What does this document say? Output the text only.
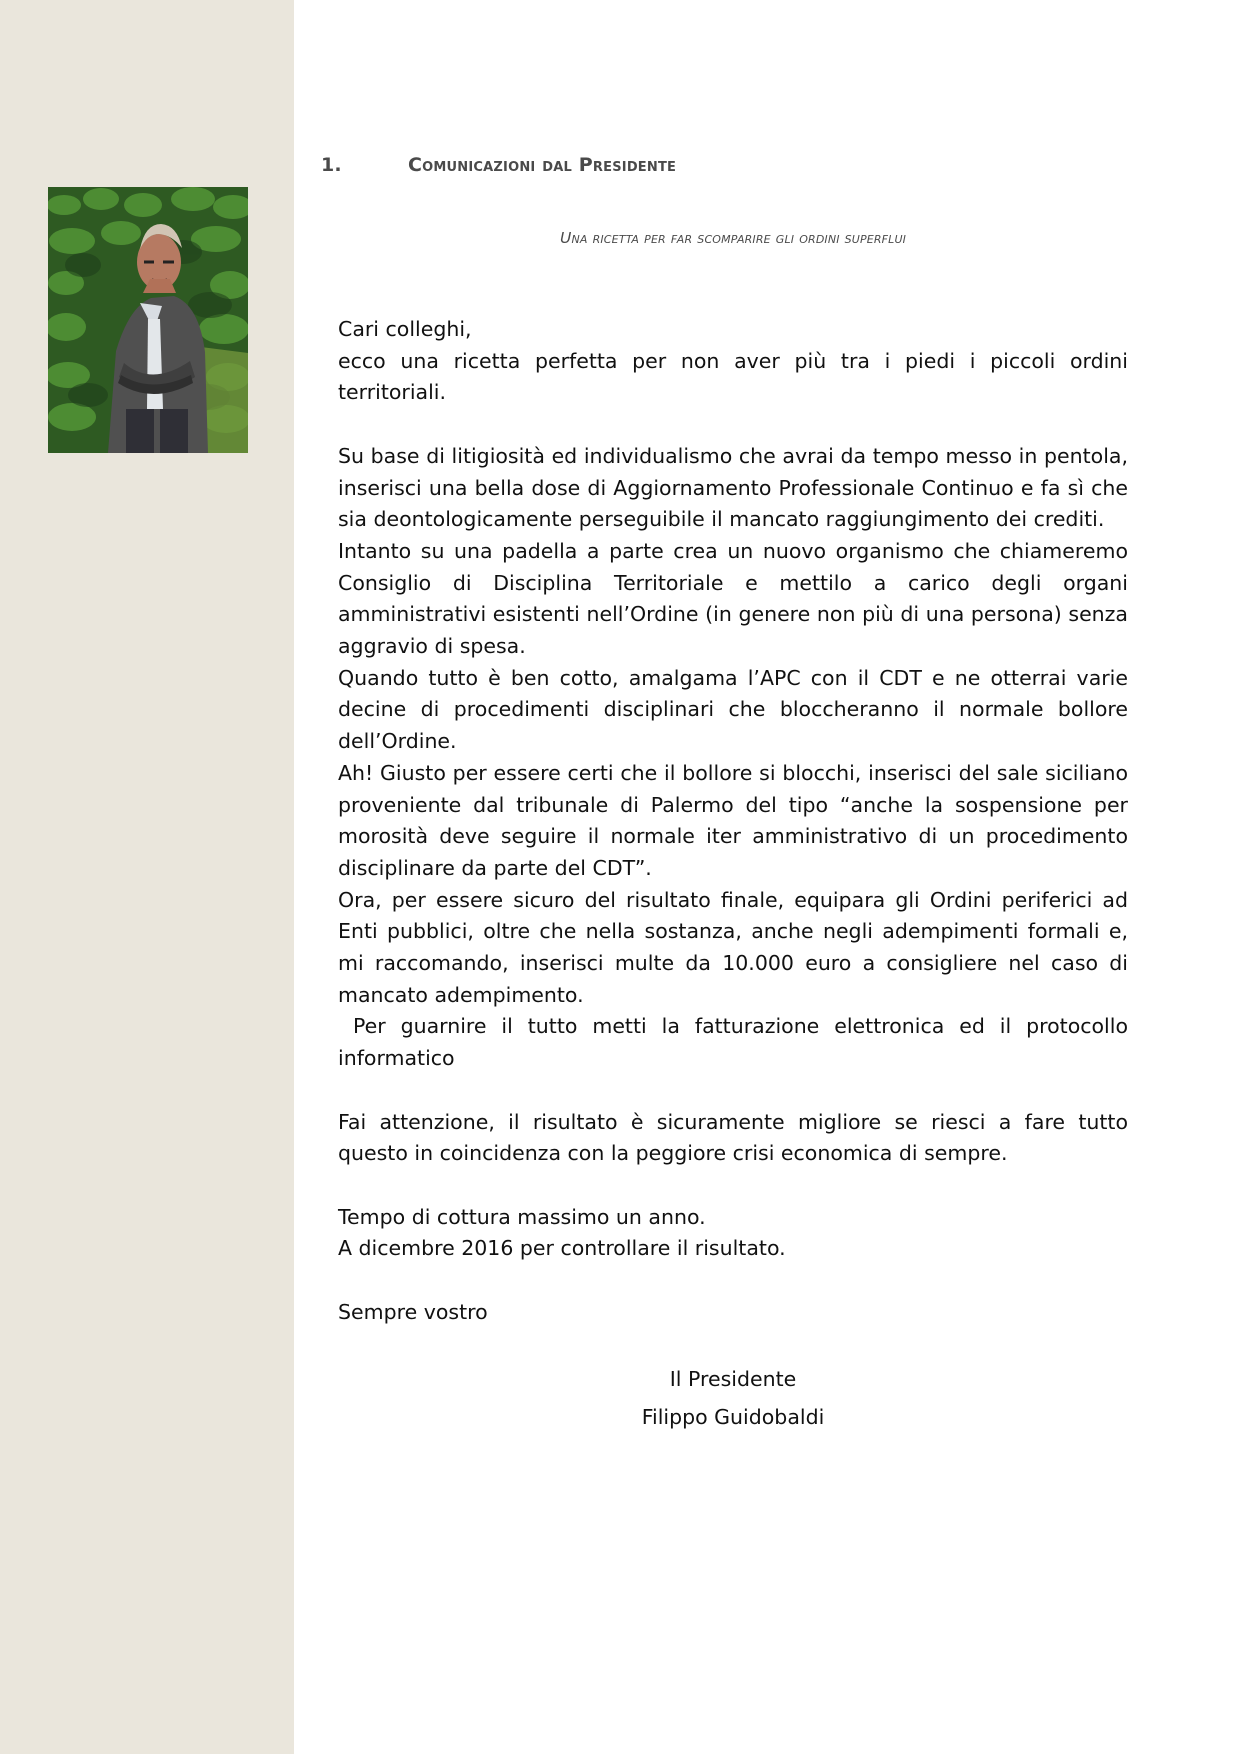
1.	Comunicazioni dal Presidente
Una ricetta per far scomparire gli ordini superflui

Cari colleghi,

ecco una ricetta perfetta per non aver più tra i piedi i piccoli ordini territoriali.

Su base di litigiosità ed individualismo che avrai da tempo messo in pentola, inserisci una bella dose di Aggiornamento Professionale Continuo e fa sì che sia deontologicamente perseguibile il mancato raggiungimento dei crediti.

Intanto su una padella a parte crea un nuovo organismo che chiameremo Consiglio di Disciplina Territoriale e mettilo a carico degli organi amministrativi esistenti nell’Ordine (in genere non più di una persona) senza aggravio di spesa.

Quando tutto è ben cotto, amalgama l’APC con il CDT e ne otterrai varie decine di procedimenti disciplinari che bloccheranno il normale bollore dell’Ordine.

Ah! Giusto per essere certi che il bollore si blocchi, inserisci del sale siciliano proveniente dal tribunale di Palermo del tipo “anche la sospensione per morosità deve seguire il normale iter amministrativo di un procedimento disciplinare da parte del CDT”.

Ora, per essere sicuro del risultato finale, equipara gli Ordini periferici ad Enti pubblici, oltre che nella sostanza, anche negli adempimenti formali e, mi raccomando, inserisci multe da 10.000 euro a consigliere nel caso di mancato adempimento.

Per guarnire il tutto metti la fatturazione elettronica ed il protocollo informatico

Fai attenzione, il risultato è sicuramente migliore se riesci a fare tutto questo in coincidenza con la peggiore crisi economica di sempre.

Tempo di cottura massimo un anno.

A dicembre 2016 per controllare il risultato.

Sempre vostro

Il Presidente
Filippo Guidobaldi
